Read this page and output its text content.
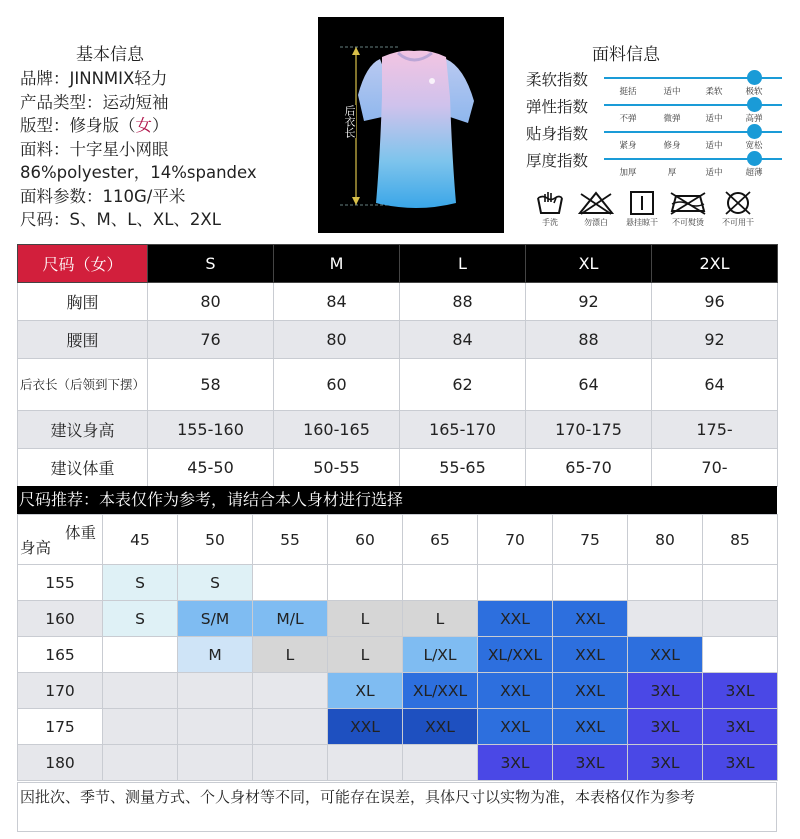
基本信息
品牌：JINNMIX轻力
产品类型：运动短袖
版型：修身版（女）
面料：十字星小网眼
86%polyester，14%spandex
面料参数：110G/平米
尺码：S、M、L、XL、2XL
后衣长
面料信息
柔软指数
挺括	适中	柔软	极软
弹性指数
不弹	微弹	适中	高弹
贴身指数
紧身	修身	适中	宽松
厚度指数
加厚	厚	适中	超薄
手洗	勿漂白	悬挂晾干	不可熨烫	不可用干
尺码（女）	S	M	L	XL	2XL
胸围	80	84	88	92	96
腰围	76	80	84	88	92
后衣长（后领到下摆）	58	60	62	64	64
建议身高	155-160	160-165	165-170	170-175	175-
建议体重	45-50	50-55	55-65	65-70	70-
尺码推荐：本表仅作为参考，请结合本人身材进行选择
体重
身高	45	50	55	60	65	70	75	80	85
155	S	S							
160	S	S/M	M/L	L	L	XXL	XXL		
165		M	L	L	L/XL	XL/XXL	XXL	XXL	
170				XL	XL/XXL	XXL	XXL	3XL	3XL
175				XXL	XXL	XXL	XXL	3XL	3XL
180						3XL	3XL	3XL	3XL
因批次、季节、测量方式、个人身材等不同，可能存在误差，具体尺寸以实物为准，本表格仅作为参考
